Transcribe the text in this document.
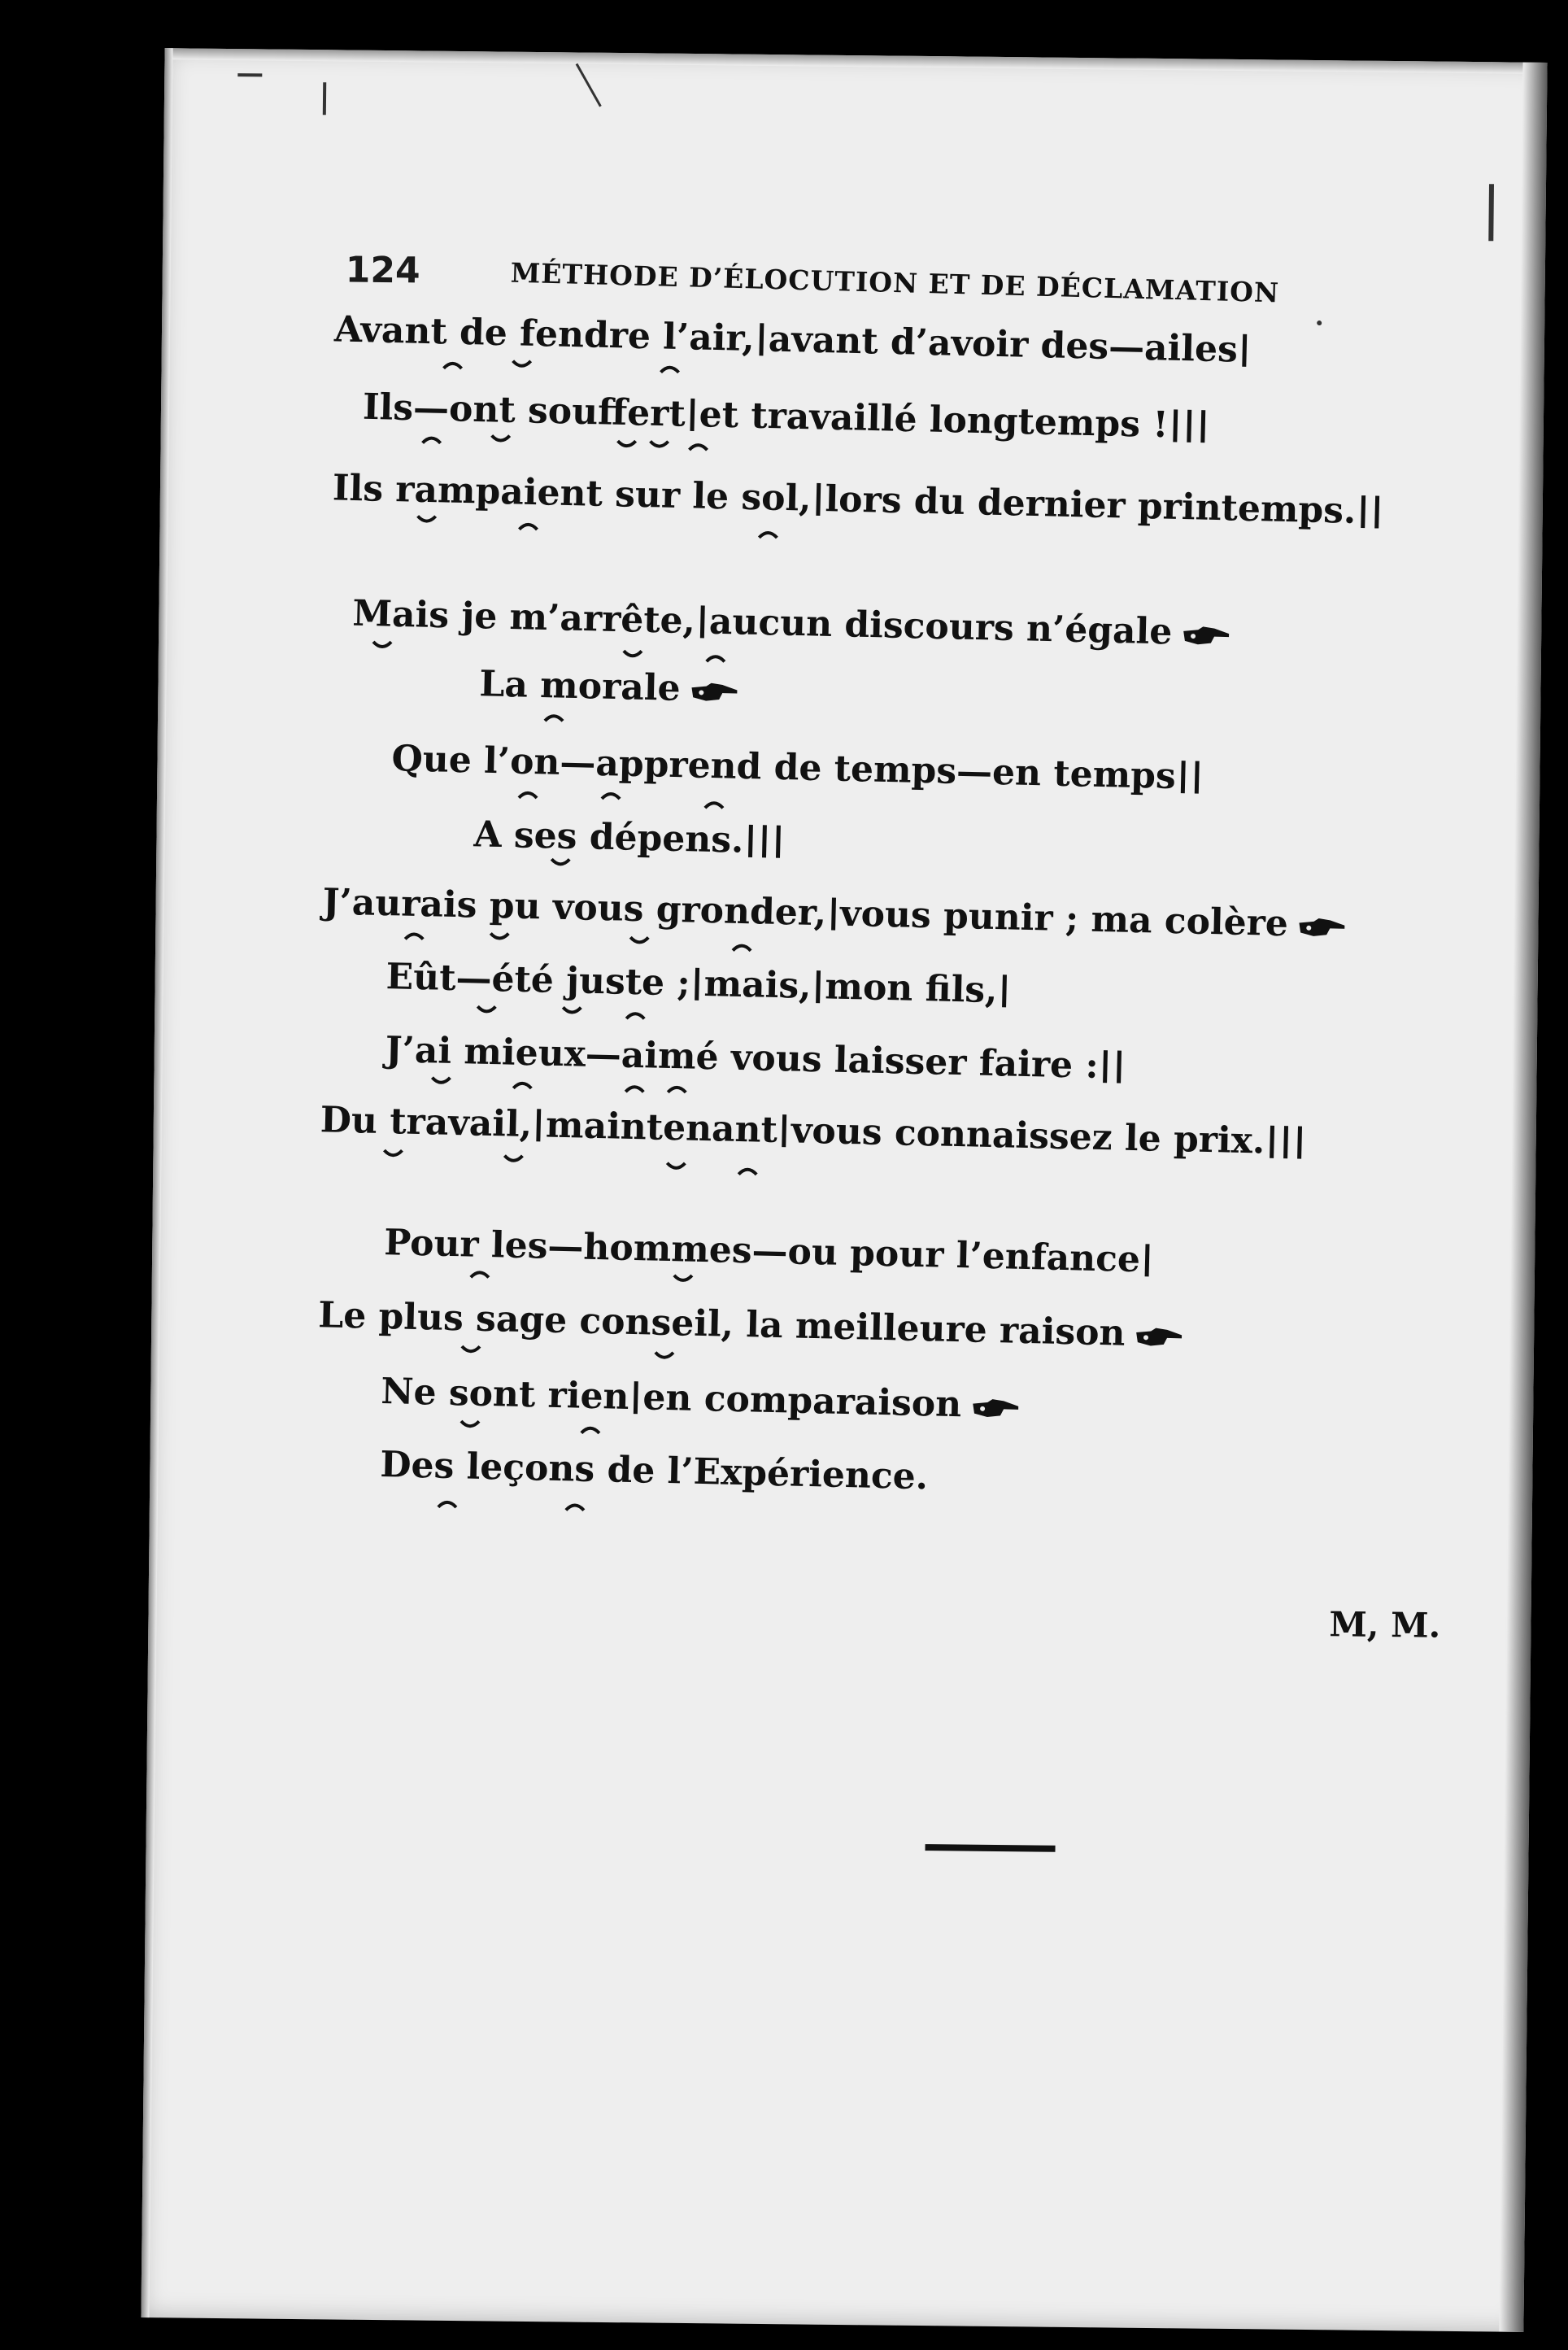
124	MÉTHODE D’ÉLOCUTION ET DE DÉCLAMATION
Avant de fendre l’air, avant d’avoir des—ailes
Ils—ont souffert et travaillé longtemps !
Ils rampaient sur le sol, lors du dernier printemps.
Mais je m’arrête, aucun discours n’égale
La morale
Que l’on—apprend de temps—en temps
A ses dépens.
J’aurais pu vous gronder, vous punir ; ma colère
Eût—été juste ; mais, mon fils,
J’ai mieux—aimé vous laisser faire :
Du travail, maintenant vous connaissez le prix.
Pour les—hommes—ou pour l’enfance
Le plus sage conseil, la meilleure raison
Ne sont rien en comparaison
Des leçons de l’Expérience.
M, M.
